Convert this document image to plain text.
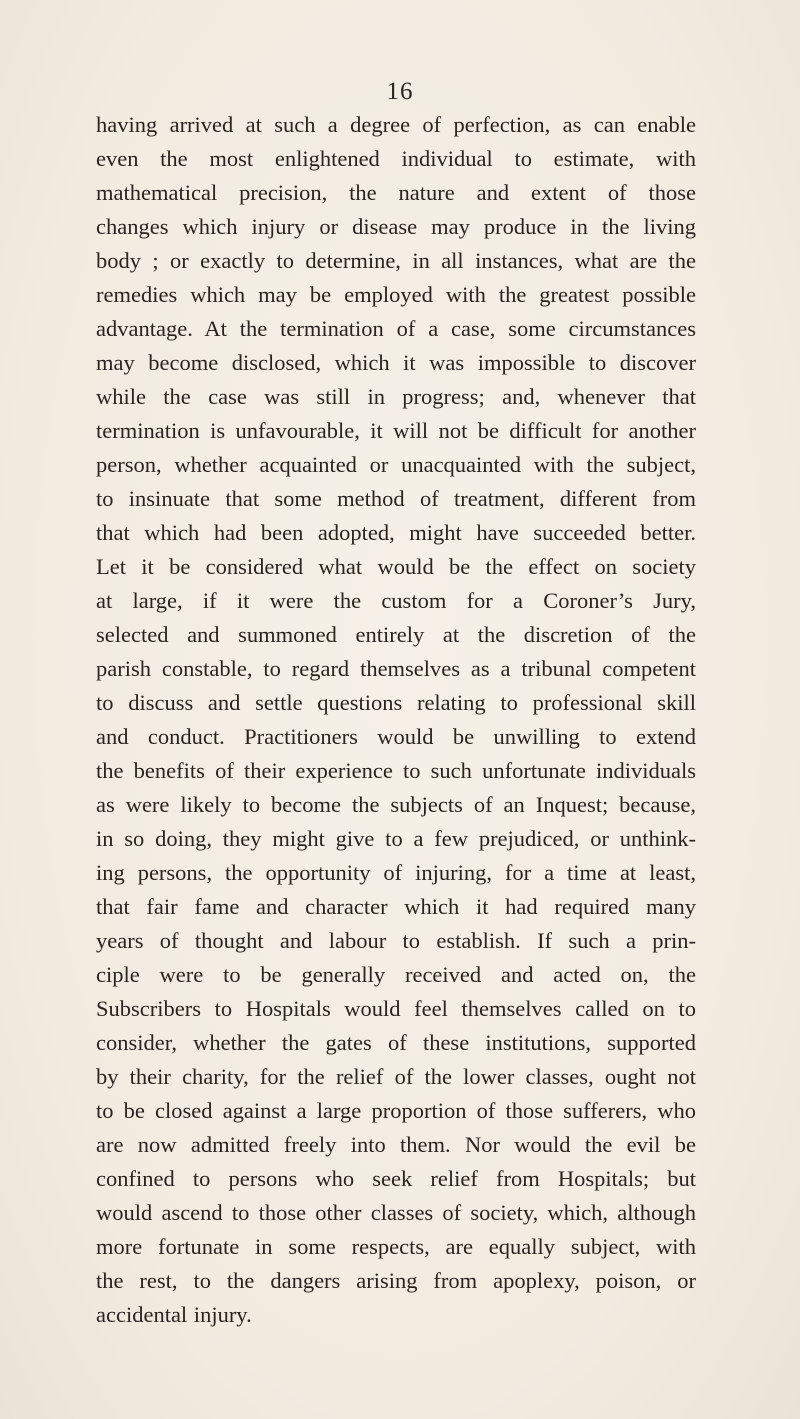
16
having arrived at such a degree of perfection, as can enable
even the most enlightened individual to estimate, with
mathematical precision, the nature and extent of those
changes which injury or disease may produce in the living
body ; or exactly to determine, in all instances, what are the
remedies which may be employed with the greatest possible
advantage. At the termination of a case, some circumstances
may become disclosed, which it was impossible to discover
while the case was still in progress; and, whenever that
termination is unfavourable, it will not be difficult for another
person, whether acquainted or unacquainted with the subject,
to insinuate that some method of treatment, different from
that which had been adopted, might have succeeded better.
Let it be considered what would be the effect on society
at large, if it were the custom for a Coroner’s Jury,
selected and summoned entirely at the discretion of the
parish constable, to regard themselves as a tribunal competent
to discuss and settle questions relating to professional skill
and conduct. Practitioners would be unwilling to extend
the benefits of their experience to such unfortunate individuals
as were likely to become the subjects of an Inquest; because,
in so doing, they might give to a few prejudiced, or unthink-
ing persons, the opportunity of injuring, for a time at least,
that fair fame and character which it had required many
years of thought and labour to establish. If such a prin-
ciple were to be generally received and acted on, the
Subscribers to Hospitals would feel themselves called on to
consider, whether the gates of these institutions, supported
by their charity, for the relief of the lower classes, ought not
to be closed against a large proportion of those sufferers, who
are now admitted freely into them. Nor would the evil be
confined to persons who seek relief from Hospitals; but
would ascend to those other classes of society, which, although
more fortunate in some respects, are equally subject, with
the rest, to the dangers arising from apoplexy, poison, or
accidental injury.
